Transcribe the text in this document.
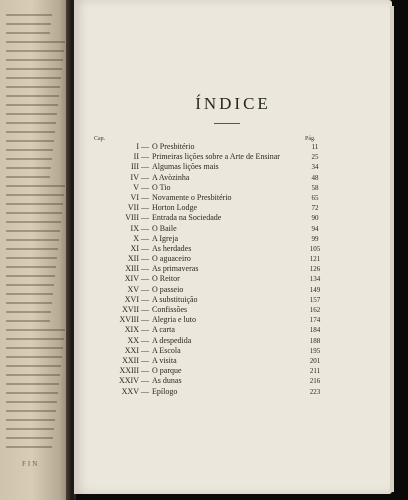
FIN
ÍNDICE
Cap.	Pág.
I — O Presbitério	11
II — Primeiras lições sobre a Arte de Ensinar	25
III — Algumas lições mais	34
IV — A Avòzinha	48
V — O Tio	58
VI — Novamente o Presbitério	65
VII — Horton Lodge	72
VIII — Entrada na Sociedade	90
IX — O Baile	94
X — A Igreja	99
XI — As herdades	105
XII — O aguaceiro	121
XIII — As primaveras	126
XIV — O Reitor	134
XV — O passeio	149
XVI — A substituição	157
XVII — Confissões	162
XVIII — Alegria e luto	174
XIX — A carta	184
XX — A despedida	188
XXI — A Escola	195
XXII — A visita	201
XXIII — O parque	211
XXIV — As dunas	216
XXV — Epílogo	223
